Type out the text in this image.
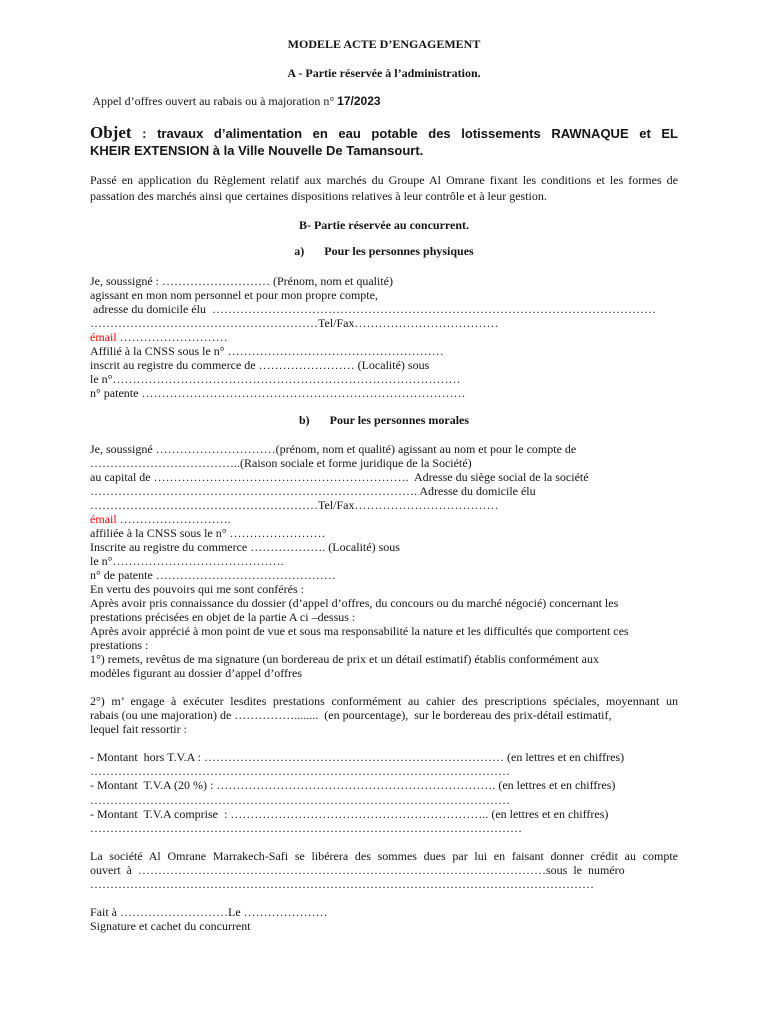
MODELE ACTE D’ENGAGEMENT
A - Partie réservée à l’administration.
Appel d’offres ouvert au rabais ou à majoration n° 17/2023
Objet : travaux d’alimentation en eau potable des lotissements RAWNAQUE et EL
KHEIR EXTENSION à la Ville Nouvelle De Tamansourt.
Passé en application du Règlement relatif aux marchés du Groupe Al Omrane fixant les conditions et les formes de
passation des marchés ainsi que certaines dispositions relatives à leur contrôle et à leur gestion.
B- Partie réservée au concurrent.
a) Pour les personnes physiques
Je, soussigné : ……………………… (Prénom, nom et qualité)
agissant en mon nom personnel et pour mon propre compte,
adresse du domicile élu  …………………………………………………………………………………………………
…………………………………………………Tel/Fax………………………………
émail ………………………
Affilié à la CNSS sous le n° ………………………………………………
inscrit au registre du commerce de …………………… (Localité) sous
le n°……………………………………………………………………………
n° patente ………………………………………………………………………
b) Pour les personnes morales
Je, soussigné …………………………(prénom, nom et qualité) agissant au nom et pour le compte de
………………………………..(Raison sociale et forme juridique de la Société)
au capital de ……………………………………………………….  Adresse du siège social de la société
………………………………………………………………………. Adresse du domicile élu
…………………………………………………Tel/Fax………………………………
émail ……………………….
affiliée à la CNSS sous le n° ……………………
Inscrite au registre du commerce ………………. (Localité) sous
le n°…………………………………….
n° de patente ………………………………………
En vertu des pouvoirs qui me sont conférés :
Après avoir pris connaissance du dossier (d’appel d’offres, du concours ou du marché négocié) concernant les
prestations précisées en objet de la partie A ci –dessus :
Après avoir apprécié à mon point de vue et sous ma responsabilité la nature et les difficultés que comportent ces
prestations :
1°) remets, revêtus de ma signature (un bordereau de prix et un détail estimatif) établis conformément aux
modèles figurant au dossier d’appel d’offres
2°) m’ engage à exécuter lesdites prestations conformément au cahier des prescriptions spéciales, moyennant un
rabais (ou une majoration) de ……………........  (en pourcentage),  sur le bordereau des prix-détail estimatif,
lequel fait ressortir :
- Montant  hors T.V.A : ………………………………………………………………… (en lettres et en chiffres)
……………………………………………………………………………………………
- Montant  T.V.A (20 %) : ……………………………………………………………. (en lettres et en chiffres)
……………………………………………………………………………………………
- Montant  T.V.A comprise  : ……………………………………………………….. (en lettres et en chiffres)
………………………………………………………………………………………………
La société Al Omrane Marrakech-Safi se libérera des sommes dues par lui en faisant donner crédit au compte
ouvert  à  …………………………………………………………………………………………sous  le  numéro
………………………………………………………………………………………………………………
Fait à ………………………Le …………………
Signature et cachet du concurrent
